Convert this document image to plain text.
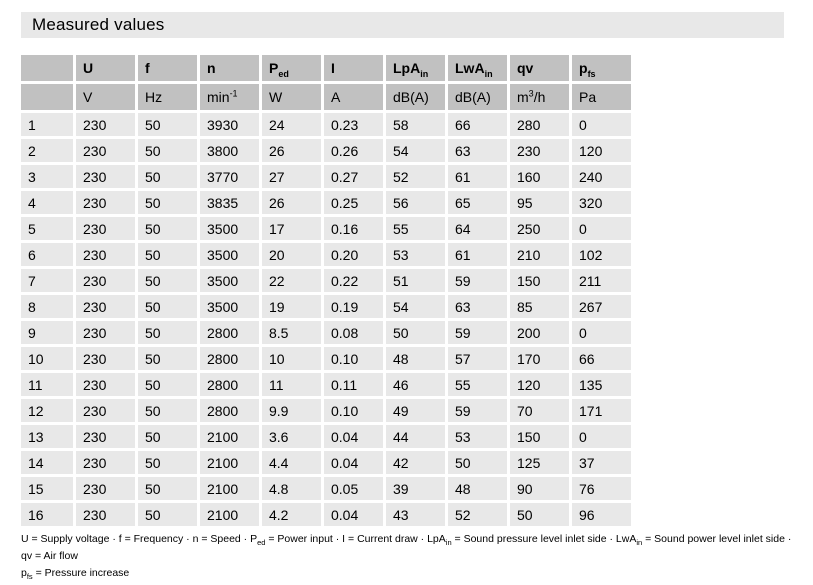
Measured values
	U	f	n	$P_{ed}$	I	LpA$_{in}$	LwA$_{in}$	qv	$p_{fs}$
	V	Hz	$\min^{-1}$	W	A	dB(A)	dB(A)	$m^3/h$	Pa
1	230	50	3930	24	0.23	58	66	280	0
2	230	50	3800	26	0.26	54	63	230	120
3	230	50	3770	27	0.27	52	61	160	240
4	230	50	3835	26	0.25	56	65	95	320
5	230	50	3500	17	0.16	55	64	250	0
6	230	50	3500	20	0.20	53	61	210	102
7	230	50	3500	22	0.22	51	59	150	211
8	230	50	3500	19	0.19	54	63	85	267
9	230	50	2800	8.5	0.08	50	59	200	0
10	230	50	2800	10	0.10	48	57	170	66
11	230	50	2800	11	0.11	46	55	120	135
12	230	50	2800	9.9	0.10	49	59	70	171
13	230	50	2100	3.6	0.04	44	53	150	0
14	230	50	2100	4.4	0.04	42	50	125	37
15	230	50	2100	4.8	0.05	39	48	90	76
16	230	50	2100	4.2	0.04	43	52	50	96
U = Supply voltage · f = Frequency · n = Speed · $P_{ed}$ = Power input · I = Current draw · LpA$_{in}$ = Sound pressure level inlet side · LwA$_{in}$ = Sound power level inlet side · qv = Air flow
$p_{fs}$ = Pressure increase
